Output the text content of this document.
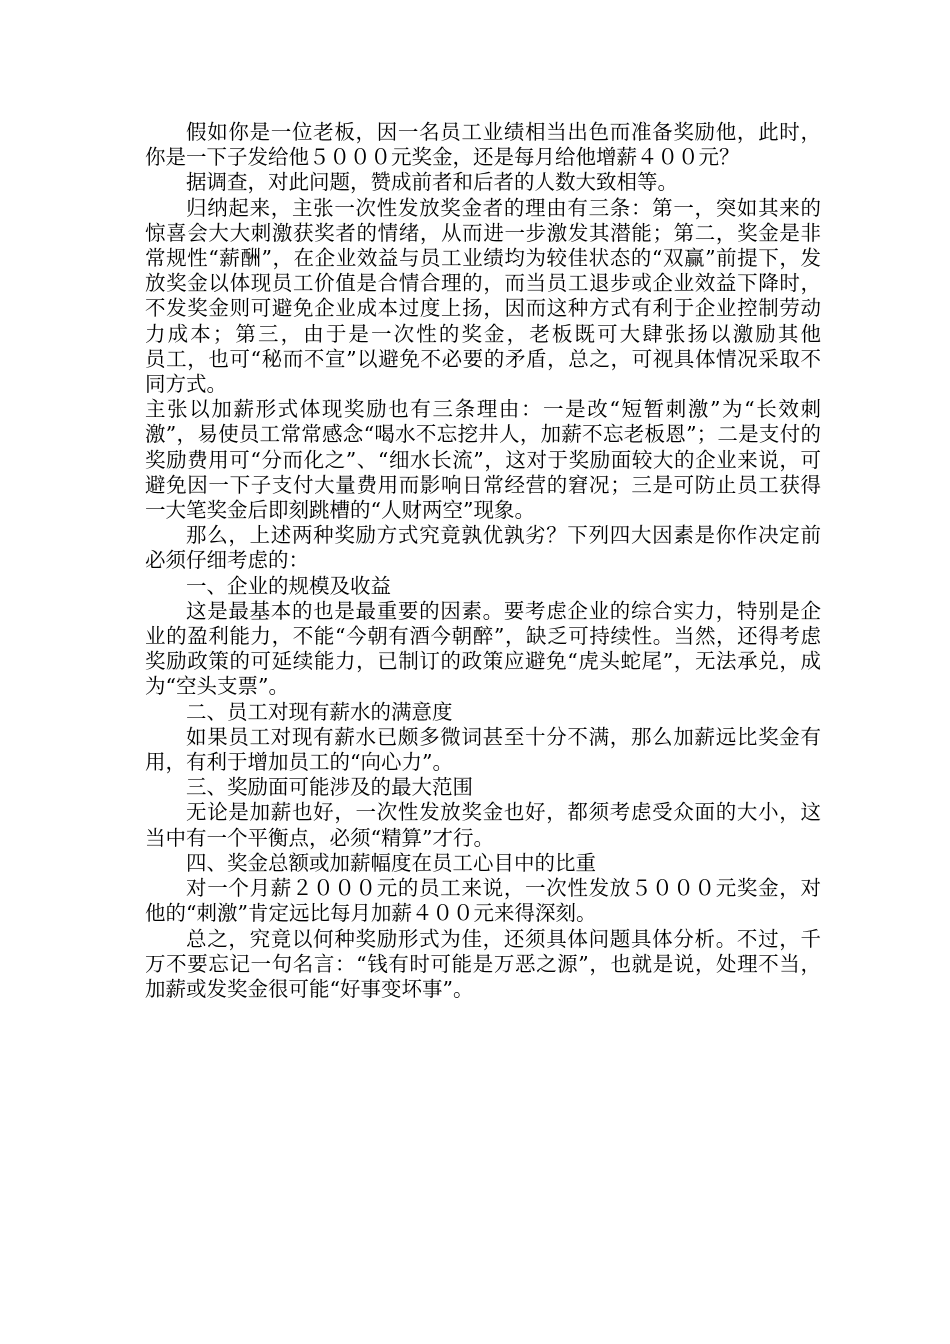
假如你是一位老板，因一名员工业绩相当出色而准备奖励他，此时，你是一下子发给他５０００元奖金，还是每月给他增薪４００元？

据调查，对此问题，赞成前者和后者的人数大致相等。

归纳起来，主张一次性发放奖金者的理由有三条：第一，突如其来的惊喜会大大刺激获奖者的情绪，从而进一步激发其潜能；第二，奖金是非常规性“薪酬”，在企业效益与员工业绩均为较佳状态的“双赢”前提下，发放奖金以体现员工价值是合情合理的，而当员工退步或企业效益下降时，不发奖金则可避免企业成本过度上扬，因而这种方式有利于企业控制劳动力成本；第三，由于是一次性的奖金，老板既可大肆张扬以激励其他　　员工，也可“秘而不宣”以避免不必要的矛盾，总之，可视具体情况采取不同方式。

主张以加薪形式体现奖励也有三条理由：一是改“短暂刺激”为“长效刺激”，易使员工常常感念“喝水不忘挖井人，加薪不忘老板恩”；二是支付的奖励费用可“分而化之”、“细水长流”，这对于奖励面较大的企业来说，可避免因一下子支付大量费用而影响日常经营的窘况；三是可防止员工获得一大笔奖金后即刻跳槽的“人财两空”现象。

那么，上述两种奖励方式究竟孰优孰劣？下列四大因素是你作决定前必须仔细考虑的：

一、企业的规模及收益

这是最基本的也是最重要的因素。要考虑企业的综合实力，特别是企业的盈利能力，不能“今朝有酒今朝醉”，缺乏可持续性。当然，还得考虑奖励政策的可延续能力，已制订的政策应避免“虎头蛇尾”，无法承兑，成为“空头支票”。

二、员工对现有薪水的满意度

如果员工对现有薪水已颇多微词甚至十分不满，那么加薪远比奖金有用，有利于增加员工的“向心力”。

三、奖励面可能涉及的最大范围

无论是加薪也好，一次性发放奖金也好，都须考虑受众面的大小，这当中有一个平衡点，必须“精算”才行。

四、奖金总额或加薪幅度在员工心目中的比重

对一个月薪２０００元的员工来说，一次性发放５０００元奖金，对他的“刺激”肯定远比每月加薪４００元来得深刻。

总之，究竟以何种奖励形式为佳，还须具体问题具体分析。不过，千万不要忘记一句名言：“钱有时可能是万恶之源”，也就是说，处理不当，加薪或发奖金很可能“好事变坏事”。
